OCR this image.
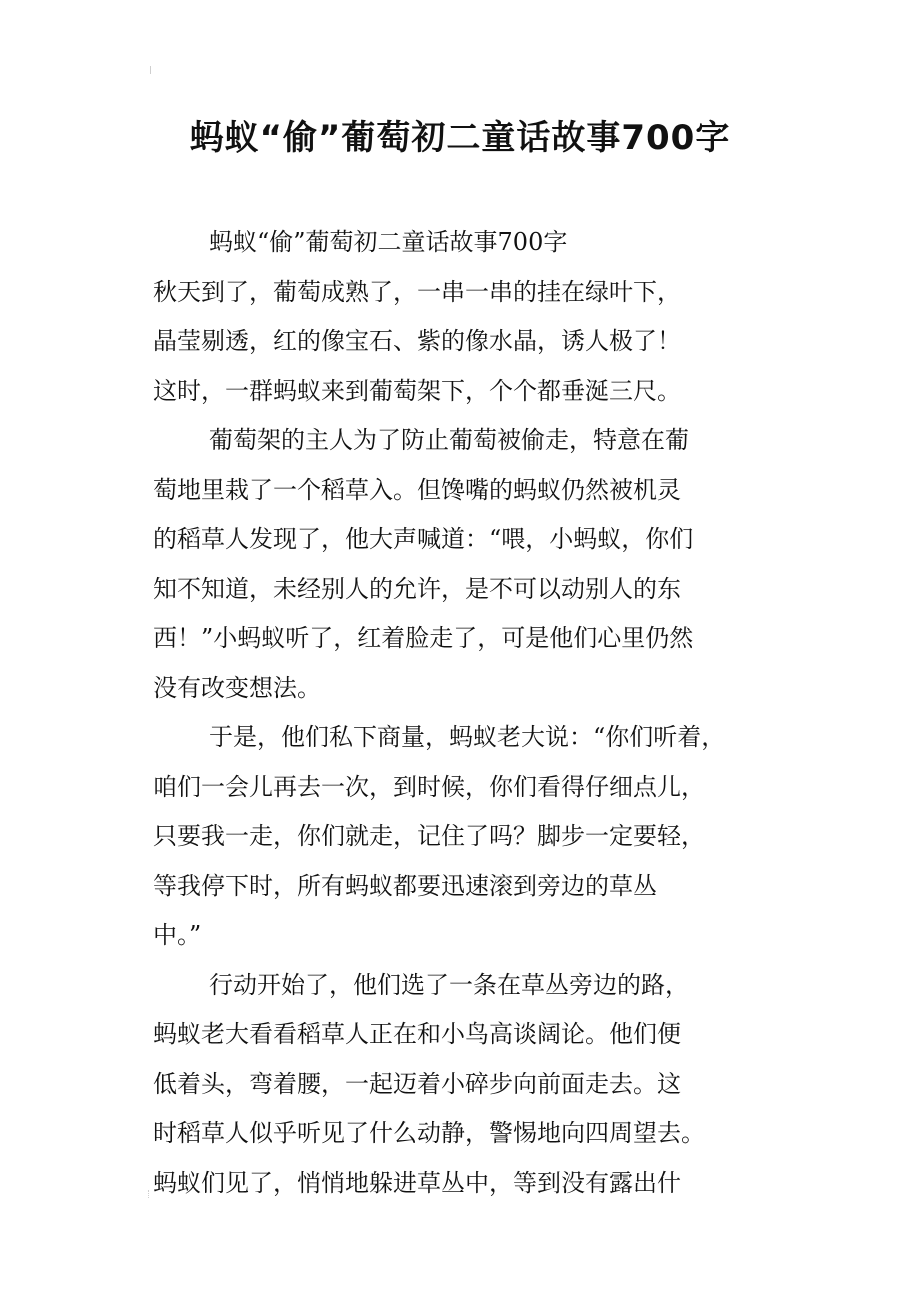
蚂蚁“偷”葡萄初二童话故事700字

蚂蚁“偷”葡萄初二童话故事700字

秋天到了，葡萄成熟了，一串一串的挂在绿叶下，

晶莹剔透，红的像宝石、紫的像水晶，诱人极了！

这时，一群蚂蚁来到葡萄架下，个个都垂涎三尺。

葡萄架的主人为了防止葡萄被偷走，特意在葡

萄地里栽了一个稻草入。但馋嘴的蚂蚁仍然被机灵

的稻草人发现了，他大声喊道：“喂，小蚂蚁，你们

知不知道，未经别人的允许，是不可以动别人的东

西！”小蚂蚁听了，红着脸走了，可是他们心里仍然

没有改变想法。

于是，他们私下商量，蚂蚁老大说：“你们听着，

咱们一会儿再去一次，到时候，你们看得仔细点儿，

只要我一走，你们就走，记住了吗？脚步一定要轻，

等我停下时，所有蚂蚁都要迅速滚到旁边的草丛

中。”

行动开始了，他们选了一条在草丛旁边的路，

蚂蚁老大看看稻草人正在和小鸟高谈阔论。他们便

低着头，弯着腰，一起迈着小碎步向前面走去。这

时稻草人似乎听见了什么动静，警惕地向四周望去。

蚂蚁们见了，悄悄地躲进草丛中，等到没有露出什
